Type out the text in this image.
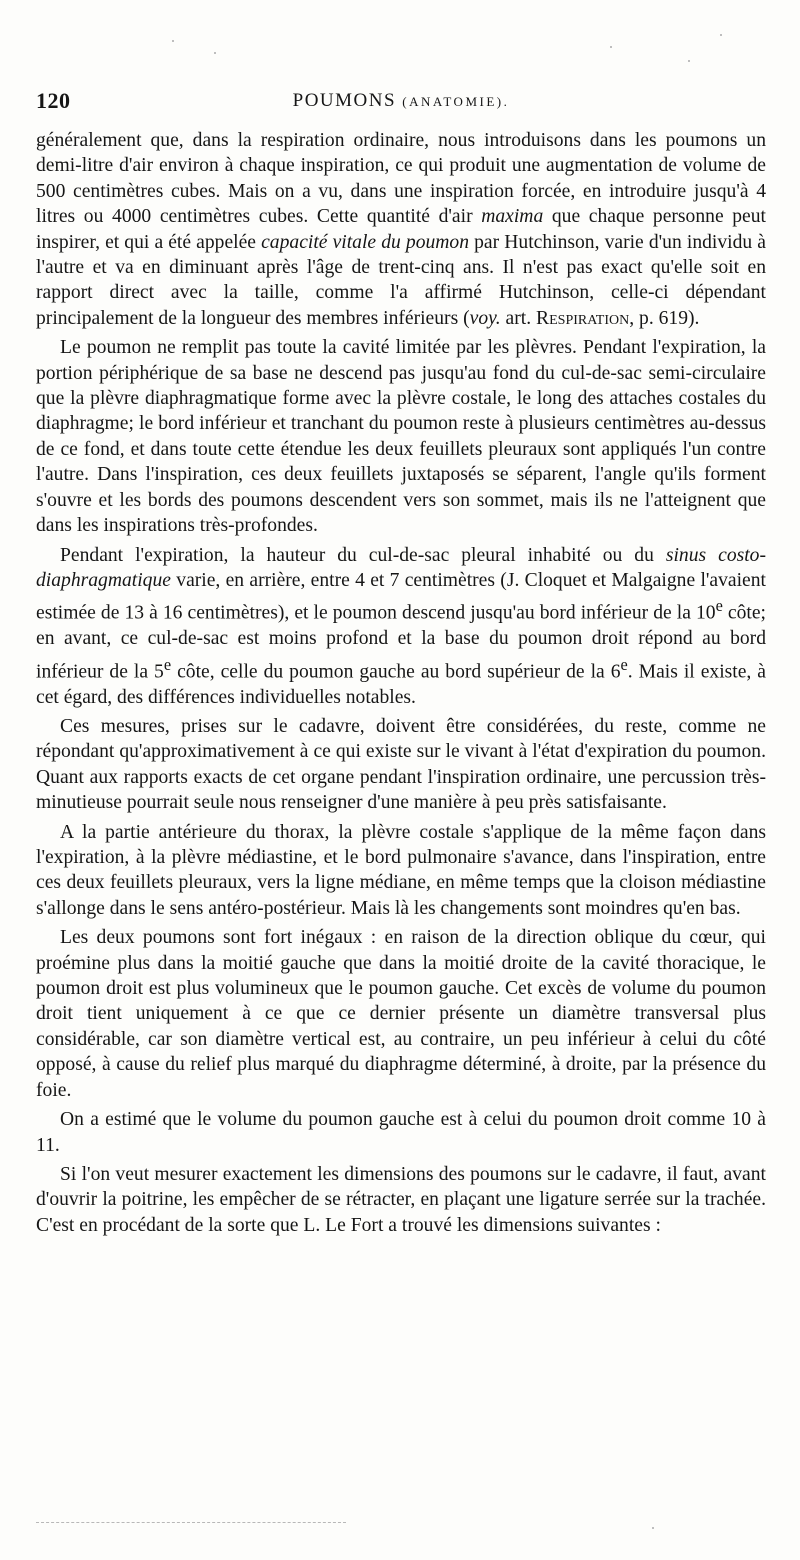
120	POUMONS (ANATOMIE).

généralement que, dans la respiration ordinaire, nous introduisons dans les poumons un demi-litre d'air environ à chaque inspiration, ce qui produit une augmentation de volume de 500 centimètres cubes. Mais on a vu, dans une inspiration forcée, en introduire jusqu'à 4 litres ou 4000 centimètres cubes. Cette quantité d'air maxima que chaque personne peut inspirer, et qui a été appelée capacité vitale du poumon par Hutchinson, varie d'un individu à l'autre et va en diminuant après l'âge de trent-cinq ans. Il n'est pas exact qu'elle soit en rapport direct avec la taille, comme l'a affirmé Hutchinson, celle-ci dépendant principalement de la longueur des membres inférieurs (voy. art. Respiration, p. 619).

Le poumon ne remplit pas toute la cavité limitée par les plèvres. Pendant l'expiration, la portion périphérique de sa base ne descend pas jusqu'au fond du cul-de-sac semi-circulaire que la plèvre diaphragmatique forme avec la plèvre costale, le long des attaches costales du diaphragme; le bord inférieur et tranchant du poumon reste à plusieurs centimètres au-dessus de ce fond, et dans toute cette étendue les deux feuillets pleuraux sont appliqués l'un contre l'autre. Dans l'inspiration, ces deux feuillets juxtaposés se séparent, l'angle qu'ils forment s'ouvre et les bords des poumons descendent vers son sommet, mais ils ne l'atteignent que dans les inspirations très-profondes.

Pendant l'expiration, la hauteur du cul-de-sac pleural inhabité ou du sinus costo-diaphragmatique varie, en arrière, entre 4 et 7 centimètres (J. Cloquet et Malgaigne l'avaient estimée de 13 à 16 centimètres), et le poumon descend jusqu'au bord inférieur de la 10e côte; en avant, ce cul-de-sac est moins profond et la base du poumon droit répond au bord inférieur de la 5e côte, celle du poumon gauche au bord supérieur de la 6e. Mais il existe, à cet égard, des différences individuelles notables.

Ces mesures, prises sur le cadavre, doivent être considérées, du reste, comme ne répondant qu'approximativement à ce qui existe sur le vivant à l'état d'expiration du poumon. Quant aux rapports exacts de cet organe pendant l'inspiration ordinaire, une percussion très-minutieuse pourrait seule nous renseigner d'une manière à peu près satisfaisante.

A la partie antérieure du thorax, la plèvre costale s'applique de la même façon dans l'expiration, à la plèvre médiastine, et le bord pulmonaire s'avance, dans l'inspiration, entre ces deux feuillets pleuraux, vers la ligne médiane, en même temps que la cloison médiastine s'allonge dans le sens antéro-postérieur. Mais là les changements sont moindres qu'en bas.

Les deux poumons sont fort inégaux : en raison de la direction oblique du cœur, qui proémine plus dans la moitié gauche que dans la moitié droite de la cavité thoracique, le poumon droit est plus volumineux que le poumon gauche. Cet excès de volume du poumon droit tient uniquement à ce que ce dernier présente un diamètre transversal plus considérable, car son diamètre vertical est, au contraire, un peu inférieur à celui du côté opposé, à cause du relief plus marqué du diaphragme déterminé, à droite, par la présence du foie.

On a estimé que le volume du poumon gauche est à celui du poumon droit comme 10 à 11.

Si l'on veut mesurer exactement les dimensions des poumons sur le cadavre, il faut, avant d'ouvrir la poitrine, les empêcher de se rétracter, en plaçant une ligature serrée sur la trachée. C'est en procédant de la sorte que L. Le Fort a trouvé les dimensions suivantes :
